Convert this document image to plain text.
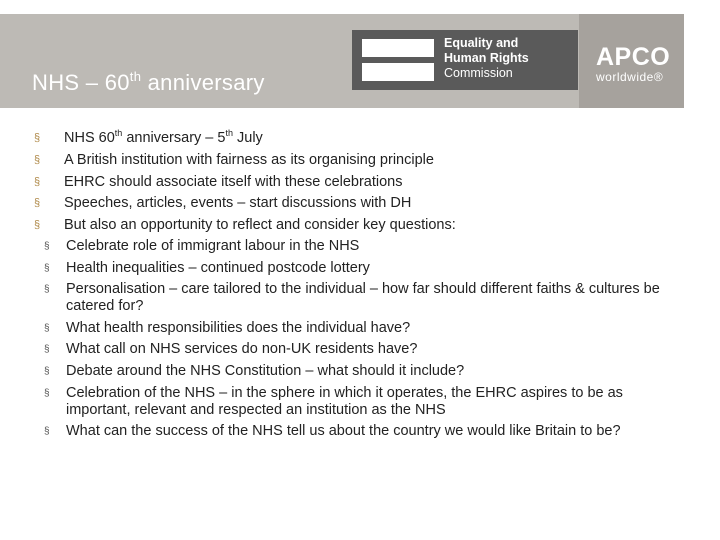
NHS – 60th anniversary
Equality and
Human Rights
Commission
APCO
worldwide®
§ NHS 60th anniversary – 5th July
§ A British institution with fairness as its organising principle
§ EHRC should associate itself with these celebrations
§ Speeches, articles, events – start discussions with DH
§ But also an opportunity to reflect and consider key questions:
§ Celebrate role of immigrant labour in the NHS
§ Health inequalities – continued postcode lottery
§ Personalisation – care tailored to the individual – how far should different faiths & cultures be catered for?
§ What health responsibilities does the individual have?
§ What call on NHS services do non-UK residents have?
§ Debate around the NHS Constitution – what should it include?
§ Celebration of the NHS – in the sphere in which it operates, the EHRC aspires to be as important, relevant and respected an institution as the NHS
§ What can the success of the NHS tell us about the country we would like Britain to be?
